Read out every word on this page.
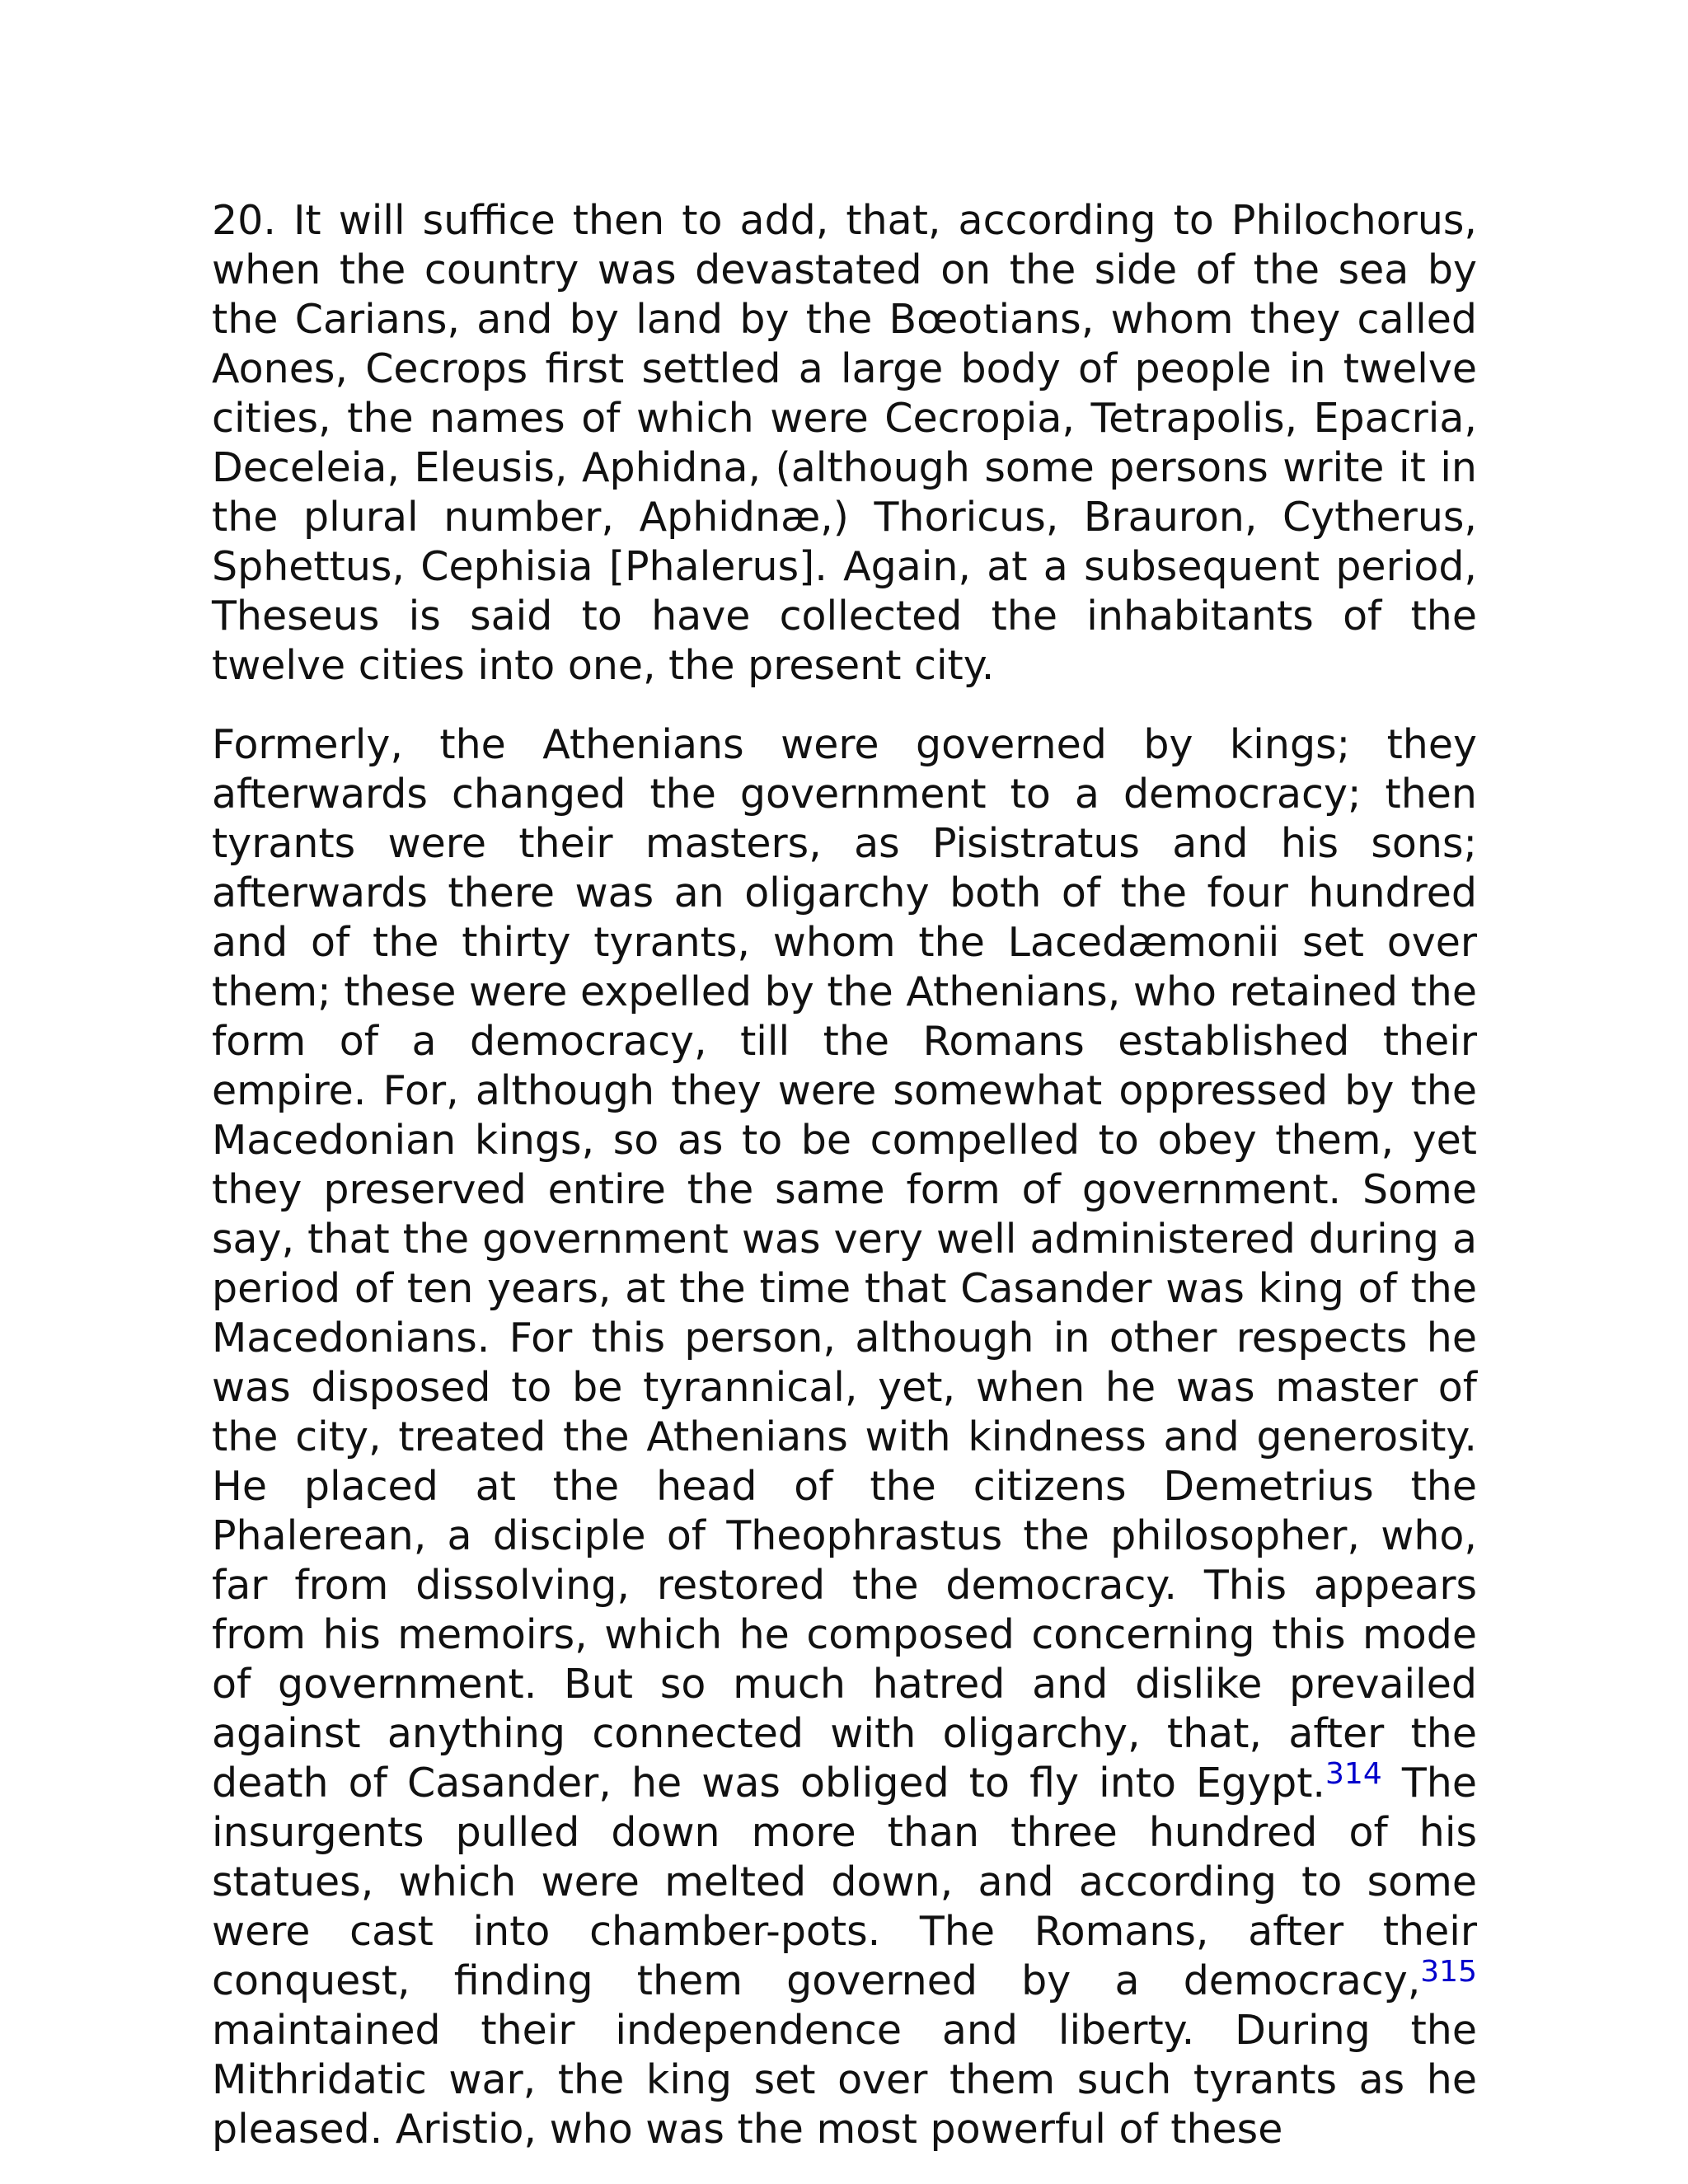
20. It will suffice then to add, that, according to Philochorus, when the country was devastated on the side of the sea by the Carians, and by land by the Bœotians, whom they called Aones, Cecrops first settled a large body of people in twelve cities, the names of which were Cecropia, Tetrapolis, Epacria, Deceleia, Eleusis, Aphidna, (although some persons write it in the plural number, Aphidnæ,) Thoricus, Brauron, Cytherus, Sphettus, Cephisia [Phalerus]. Again, at a subsequent period, Theseus is said to have collected the inhabitants of the twelve cities into one, the present city.

Formerly, the Athenians were governed by kings; they afterwards changed the government to a democracy; then tyrants were their masters, as Pisistratus and his sons; afterwards there was an oligarchy both of the four hundred and of the thirty tyrants, whom the Lacedæmonii set over them; these were expelled by the Athenians, who retained the form of a democracy, till the Romans established their empire. For, although they were somewhat oppressed by the Macedonian kings, so as to be compelled to obey them, yet they preserved entire the same form of government. Some say, that the government was very well administered during a period of ten years, at the time that Casander was king of the Macedonians. For this person, although in other respects he was disposed to be tyrannical, yet, when he was master of the city, treated the Athenians with kindness and generosity. He placed at the head of the citizens Demetrius the Phalerean, a disciple of Theophrastus the philosopher, who, far from dissolving, restored the democracy. This appears from his memoirs, which he composed concerning this mode of government. But so much hatred and dislike prevailed against anything connected with oligarchy, that, after the death of Casander, he was obliged to fly into Egypt.$^{314}$ The insurgents pulled down more than three hundred of his statues, which were melted down, and according to some were cast into chamber-pots. The Romans, after their conquest, finding them governed by a democracy,$^{315}$ maintained their independence and liberty. During the Mithridatic war, the king set over them such tyrants as he pleased. Aristio, who was the most powerful of these
